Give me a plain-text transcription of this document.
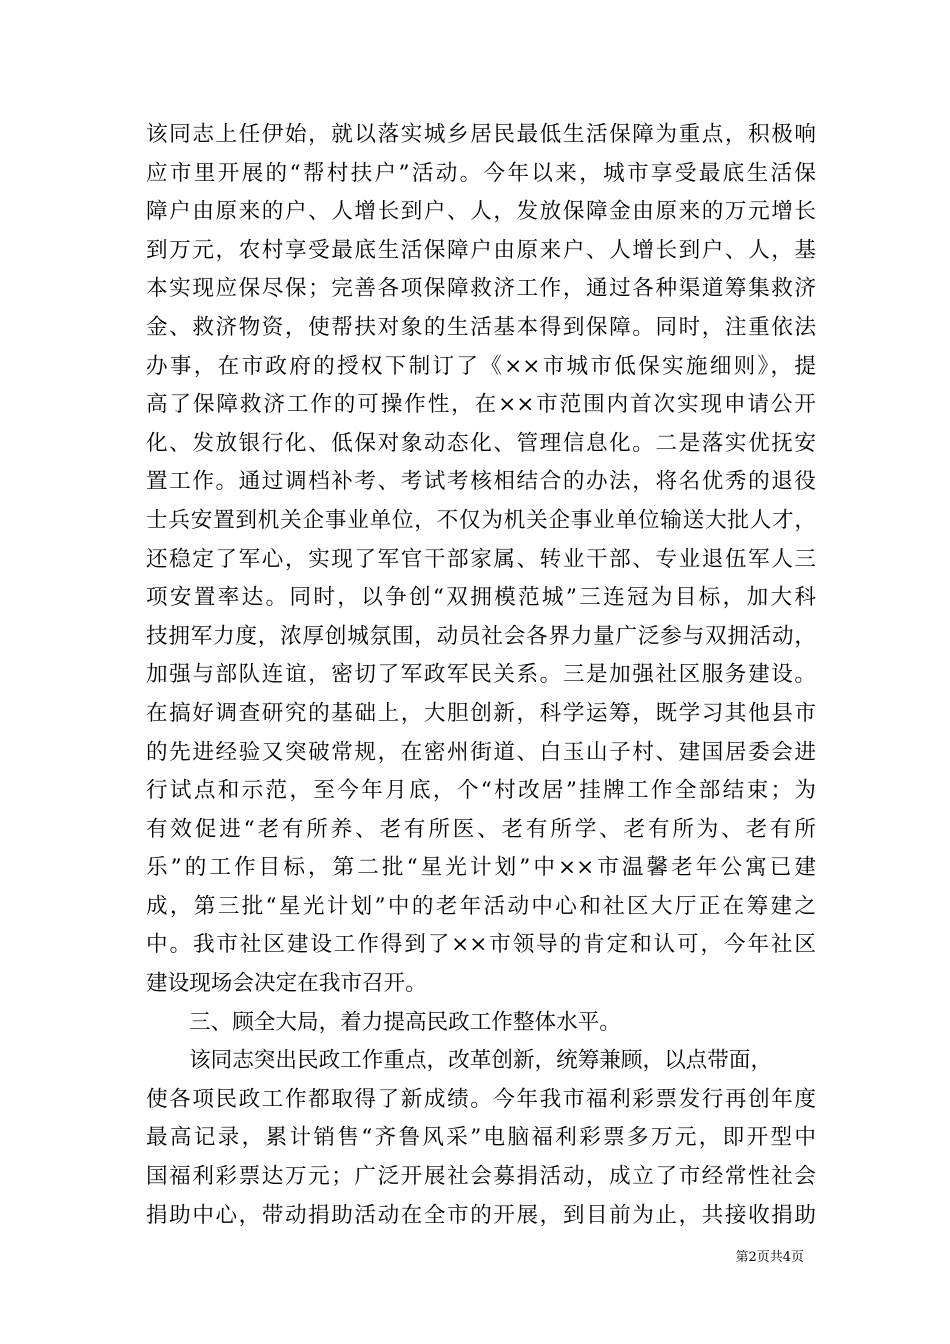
该同志上任伊始，就以落实城乡居民最低生活保障为重点，积极响
应市里开展的“帮村扶户”活动。今年以来，城市享受最底生活保
障户由原来的户、人增长到户、人，发放保障金由原来的万元增长
到万元，农村享受最底生活保障户由原来户、人增长到户、人，基
本实现应保尽保；完善各项保障救济工作，通过各种渠道筹集救济
金、救济物资，使帮扶对象的生活基本得到保障。同时，注重依法
办事，在市政府的授权下制订了《××市城市低保实施细则》，提
高了保障救济工作的可操作性，在××市范围内首次实现申请公开
化、发放银行化、低保对象动态化、管理信息化。二是落实优抚安
置工作。通过调档补考、考试考核相结合的办法，将名优秀的退役
士兵安置到机关企事业单位，不仅为机关企事业单位输送大批人才，
还稳定了军心，实现了军官干部家属、转业干部、专业退伍军人三
项安置率达。同时，以争创“双拥模范城”三连冠为目标，加大科
技拥军力度，浓厚创城氛围，动员社会各界力量广泛参与双拥活动，
加强与部队连谊，密切了军政军民关系。三是加强社区服务建设。
在搞好调查研究的基础上，大胆创新，科学运筹，既学习其他县市
的先进经验又突破常规，在密州街道、白玉山子村、建国居委会进
行试点和示范，至今年月底，个“村改居”挂牌工作全部结束；为
有效促进“老有所养、老有所医、老有所学、老有所为、老有所
乐”的工作目标，第二批“星光计划”中××市温馨老年公寓已建
成，第三批“星光计划”中的老年活动中心和社区大厅正在筹建之
中。我市社区建设工作得到了××市领导的肯定和认可，今年社区
建设现场会决定在我市召开。
三、顾全大局，着力提高民政工作整体水平。
该同志突出民政工作重点，改革创新，统筹兼顾，以点带面，
使各项民政工作都取得了新成绩。今年我市福利彩票发行再创年度
最高记录，累计销售“齐鲁风采”电脑福利彩票多万元，即开型中
国福利彩票达万元；广泛开展社会募捐活动，成立了市经常性社会
捐助中心，带动捐助活动在全市的开展，到目前为止，共接收捐助
第2页共4页
